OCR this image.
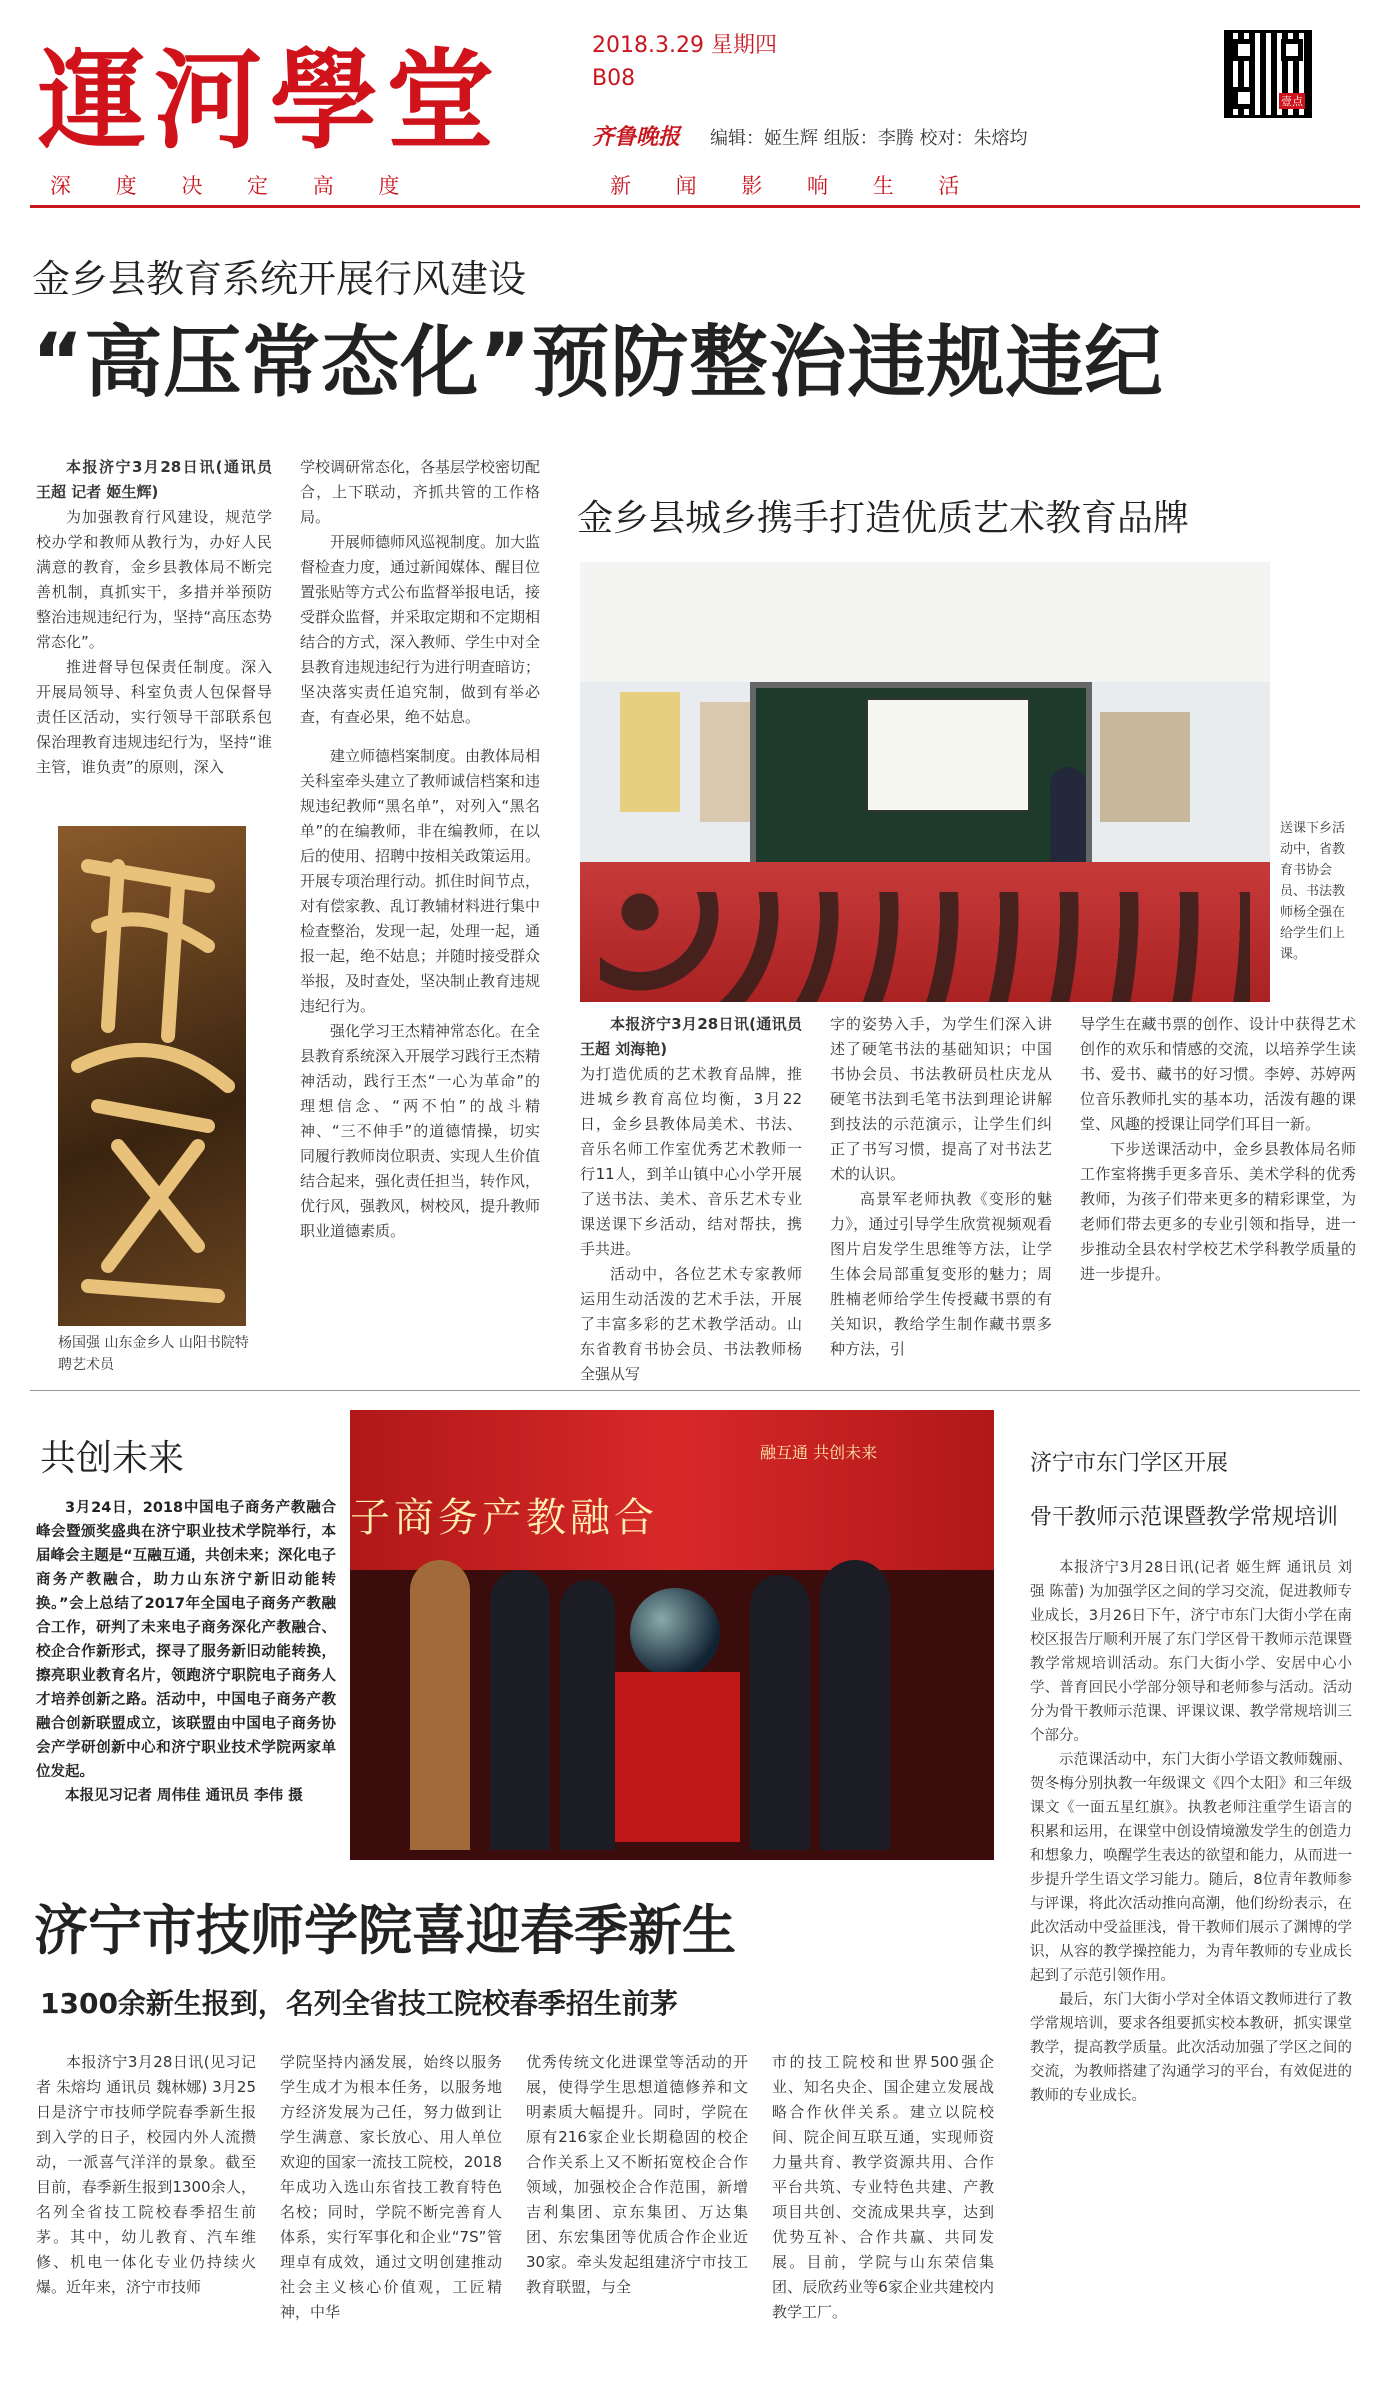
運河學堂	2018.3.29 星期四
B08
齐鲁晚报 编辑：姬生辉 组版：李腾 校对：朱熔均
壹点
深 度 决 定 高 度	新 闻 影 响 生 活
金乡县教育系统开展行风建设
“高压常态化”预防整治违规违纪

本报济宁3月28日讯(通讯员 王超 记者 姬生辉)

为加强教育行风建设，规范学校办学和教师从教行为，办好人民满意的教育，金乡县教体局不断完善机制，真抓实干，多措并举预防整治违规违纪行为，坚持“高压态势常态化”。

推进督导包保责任制度。深入开展局领导、科室负责人包保督导责任区活动，实行领导干部联系包保治理教育违规违纪行为，坚持“谁主管，谁负责”的原则，深入

杨国强 山东金乡人 山阳书院特聘艺术员

学校调研常态化，各基层学校密切配合，上下联动，齐抓共管的工作格局。

开展师德师风巡视制度。加大监督检查力度，通过新闻媒体、醒目位置张贴等方式公布监督举报电话，接受群众监督，并采取定期和不定期相结合的方式，深入教师、学生中对全县教育违规违纪行为进行明查暗访；坚决落实责任追究制，做到有举必查，有查必果，绝不姑息。

建立师德档案制度。由教体局相关科室牵头建立了教师诚信档案和违规违纪教师“黑名单”，对列入“黑名单”的在编教师，非在编教师，在以后的使用、招聘中按相关政策运用。开展专项治理行动。抓住时间节点，对有偿家教、乱订教辅材料进行集中检查整治，发现一起，处理一起，通报一起，绝不姑息；并随时接受群众举报，及时查处，坚决制止教育违规违纪行为。

强化学习王杰精神常态化。在全县教育系统深入开展学习践行王杰精神活动，践行王杰“一心为革命”的理想信念、“两不怕”的战斗精神、“三不伸手”的道德情操，切实同履行教师岗位职责、实现人生价值结合起来，强化责任担当，转作风，优行风，强教风，树校风，提升教师职业道德素质。

金乡县城乡携手打造优质艺术教育品牌
送课下乡活动中，省教育书协会员、书法教师杨全强在给学生们上课。

本报济宁3月28日讯(通讯员 王超 刘海艳)

为打造优质的艺术教育品牌，推进城乡教育高位均衡，3月22日，金乡县教体局美术、书法、音乐名师工作室优秀艺术教师一行11人，到羊山镇中心小学开展了送书法、美术、音乐艺术专业课送课下乡活动，结对帮扶，携手共进。

活动中，各位艺术专家教师运用生动活泼的艺术手法，开展了丰富多彩的艺术教学活动。山东省教育书协会员、书法教师杨全强从写

字的姿势入手，为学生们深入讲述了硬笔书法的基础知识；中国书协会员、书法教研员杜庆龙从硬笔书法到毛笔书法到理论讲解到技法的示范演示，让学生们纠正了书写习惯，提高了对书法艺术的认识。

高景军老师执教《变形的魅力》，通过引导学生欣赏视频观看图片启发学生思维等方法，让学生体会局部重复变形的魅力；周胜楠老师给学生传授藏书票的有关知识，教给学生制作藏书票多种方法，引

导学生在藏书票的创作、设计中获得艺术创作的欢乐和情感的交流，以培养学生读书、爱书、藏书的好习惯。李婷、苏婷两位音乐教师扎实的基本功，活泼有趣的课堂、风趣的授课让同学们耳目一新。

下步送课活动中，金乡县教体局名师工作室将携手更多音乐、美术学科的优秀教师，为孩子们带来更多的精彩课堂，为老师们带去更多的专业引领和指导，进一步推动全县农村学校艺术学科教学质量的进一步提升。

共创未来

3月24日，2018中国电子商务产教融合峰会暨颁奖盛典在济宁职业技术学院举行，本届峰会主题是“互融互通，共创未来；深化电子商务产教融合，助力山东济宁新旧动能转换。”会上总结了2017年全国电子商务产教融合工作，研判了未来电子商务深化产教融合、校企合作新形式，探寻了服务新旧动能转换，擦亮职业教育名片，领跑济宁职院电子商务人才培养创新之路。活动中，中国电子商务产教融合创新联盟成立，该联盟由中国电子商务协会产学研创新中心和济宁职业技术学院两家单位发起。

本报见习记者 周伟佳 通讯员 李伟 摄

子商务产教融合
融互通 共创未来	济宁市东门学区开展
骨干教师示范课暨教学常规培训

本报济宁3月28日讯(记者 姬生辉 通讯员 刘强 陈蕾) 为加强学区之间的学习交流，促进教师专业成长，3月26日下午，济宁市东门大街小学在南校区报告厅顺利开展了东门学区骨干教师示范课暨教学常规培训活动。东门大街小学、安居中心小学、普育回民小学部分领导和老师参与活动。活动分为骨干教师示范课、评课议课、教学常规培训三个部分。

示范课活动中，东门大街小学语文教师魏丽、贺冬梅分别执教一年级课文《四个太阳》和三年级课文《一面五星红旗》。执教老师注重学生语言的积累和运用，在课堂中创设情境激发学生的创造力和想象力，唤醒学生表达的欲望和能力，从而进一步提升学生语文学习能力。随后，8位青年教师参与评课，将此次活动推向高潮，他们纷纷表示，在此次活动中受益匪浅，骨干教师们展示了渊博的学识，从容的教学操控能力，为青年教师的专业成长起到了示范引领作用。

最后，东门大街小学对全体语文教师进行了教学常规培训，要求各组要抓实校本教研，抓实课堂教学，提高教学质量。此次活动加强了学区之间的交流，为教师搭建了沟通学习的平台，有效促进的教师的专业成长。

济宁市技师学院喜迎春季新生
1300余新生报到，名列全省技工院校春季招生前茅

本报济宁3月28日讯(见习记者 朱熔均 通讯员 魏林娜) 3月25日是济宁市技师学院春季新生报到入学的日子，校园内外人流攒动，一派喜气洋洋的景象。截至目前，春季新生报到1300余人，名列全省技工院校春季招生前茅。其中，幼儿教育、汽车维修、机电一体化专业仍持续火爆。近年来，济宁市技师

学院坚持内涵发展，始终以服务学生成才为根本任务，以服务地方经济发展为己任，努力做到让学生满意、家长放心、用人单位欢迎的国家一流技工院校，2018年成功入选山东省技工教育特色名校；同时，学院不断完善育人体系，实行军事化和企业“7S”管理卓有成效，通过文明创建推动社会主义核心价值观，工匠精神，中华

优秀传统文化进课堂等活动的开展，使得学生思想道德修养和文明素质大幅提升。同时，学院在原有216家企业长期稳固的校企合作关系上又不断拓宽校企合作领域，加强校企合作范围，新增吉利集团、京东集团、万达集团、东宏集团等优质合作企业近30家。牵头发起组建济宁市技工教育联盟，与全

市的技工院校和世界500强企业、知名央企、国企建立发展战略合作伙伴关系。建立以院校间、院企间互联互通，实现师资力量共育、教学资源共用、合作平台共筑、专业特色共建、产教项目共创、交流成果共享，达到优势互补、合作共赢、共同发展。目前，学院与山东荣信集团、辰欣药业等6家企业共建校内教学工厂。
